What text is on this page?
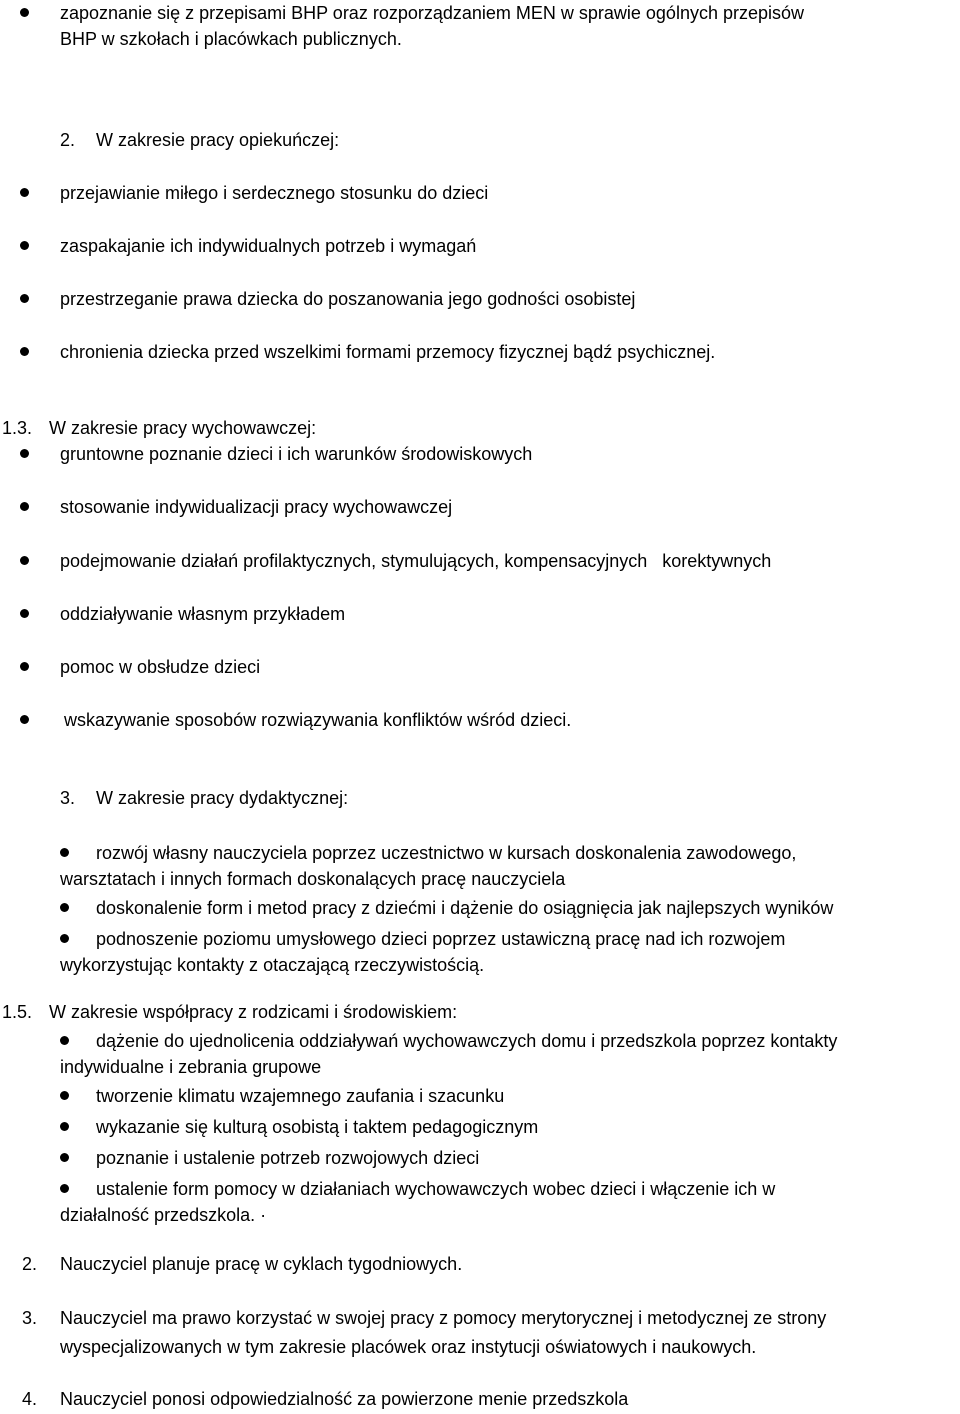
zapoznanie się z przepisami BHP oraz rozporządzaniem MEN w sprawie ogólnych przepisów
BHP w szkołach i placówkach publicznych.
2. W zakresie pracy opiekuńczej:
przejawianie miłego i serdecznego stosunku do dzieci
zaspakajanie ich indywidualnych potrzeb i wymagań
przestrzeganie prawa dziecka do poszanowania jego godności osobistej
chronienia dziecka przed wszelkimi formami przemocy fizycznej bądź psychicznej.
1.3. W zakresie pracy wychowawczej:
gruntowne poznanie dzieci i ich warunków środowiskowych
stosowanie indywidualizacji pracy wychowawczej
podejmowanie działań profilaktycznych, stymulujących, kompensacyjnych   korektywnych
oddziaływanie własnym przykładem
pomoc w obsłudze dzieci
wskazywanie sposobów rozwiązywania konfliktów wśród dzieci.
3. W zakresie pracy dydaktycznej:
rozwój własny nauczyciela poprzez uczestnictwo w kursach doskonalenia zawodowego,
warsztatach i innych formach doskonalących pracę nauczyciela
doskonalenie form i metod pracy z dziećmi i dążenie do osiągnięcia jak najlepszych wyników
podnoszenie poziomu umysłowego dzieci poprzez ustawiczną pracę nad ich rozwojem
wykorzystując kontakty z otaczającą rzeczywistością.
1.5. W zakresie współpracy z rodzicami i środowiskiem:
dążenie do ujednolicenia oddziaływań wychowawczych domu i przedszkola poprzez kontakty
indywidualne i zebrania grupowe
tworzenie klimatu wzajemnego zaufania i szacunku
wykazanie się kulturą osobistą i taktem pedagogicznym
poznanie i ustalenie potrzeb rozwojowych dzieci
ustalenie form pomocy w działaniach wychowawczych wobec dzieci i włączenie ich w
działalność przedszkola. ·
2. Nauczyciel planuje pracę w cyklach tygodniowych.
3. Nauczyciel ma prawo korzystać w swojej pracy z pomocy merytorycznej i metodycznej ze strony
wyspecjalizowanych w tym zakresie placówek oraz instytucji oświatowych i naukowych.
4. Nauczyciel ponosi odpowiedzialność za powierzone menie przedszkola
